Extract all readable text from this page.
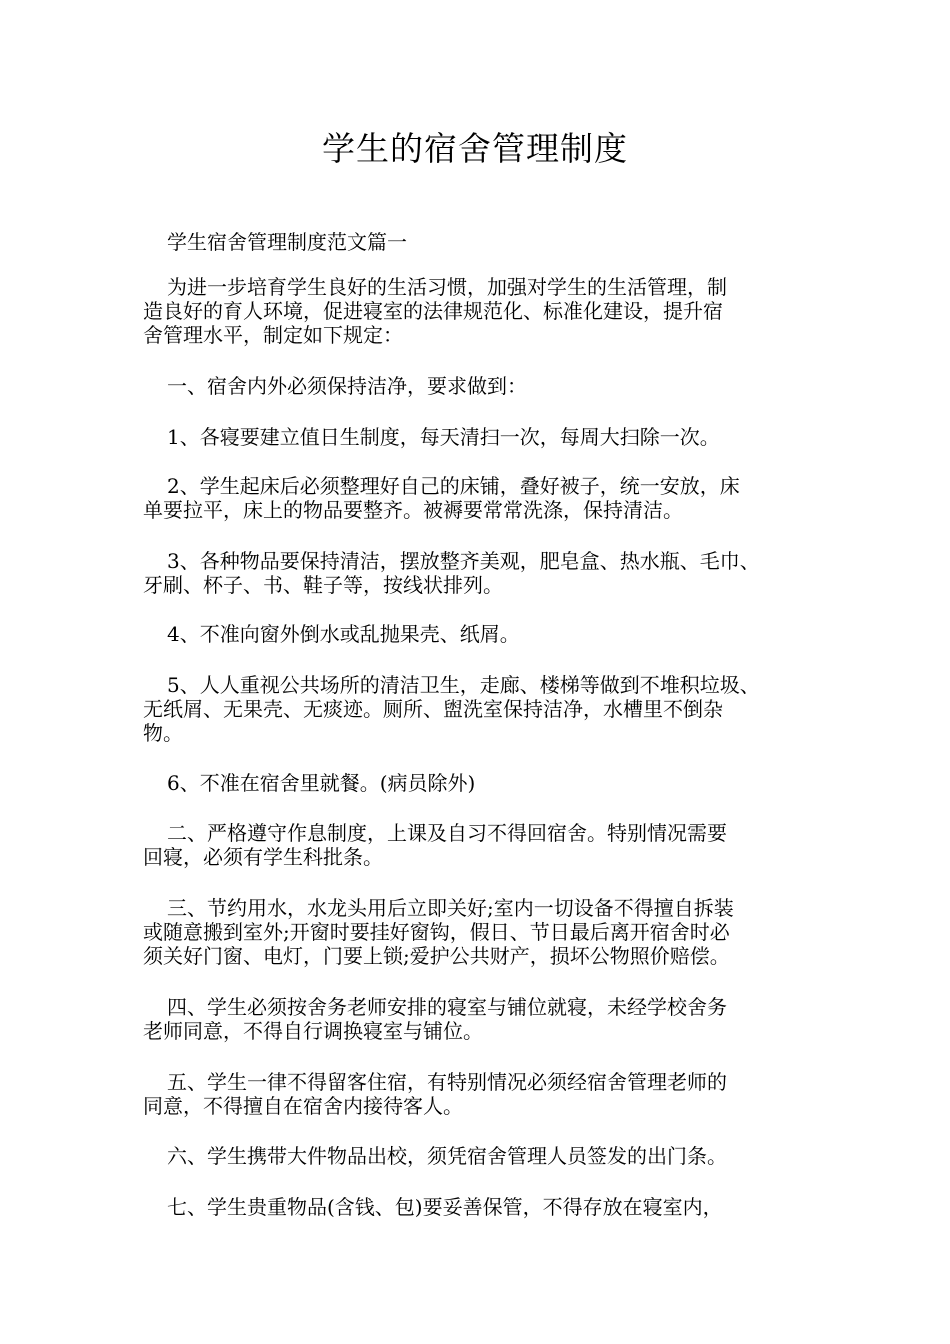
学生的宿舍管理制度
学生宿舍管理制度范文篇一
为进一步培育学生良好的生活习惯，加强对学生的生活管理，制
造良好的育人环境，促进寝室的法律规范化、标准化建设，提升宿
舍管理水平，制定如下规定：
一、宿舍内外必须保持洁净，要求做到：
1、各寝要建立值日生制度，每天清扫一次，每周大扫除一次。
2、学生起床后必须整理好自己的床铺，叠好被子，统一安放，床
单要拉平，床上的物品要整齐。被褥要常常洗涤，保持清洁。
3、各种物品要保持清洁，摆放整齐美观，肥皂盒、热水瓶、毛巾、
牙刷、杯子、书、鞋子等，按线状排列。
4、不准向窗外倒水或乱抛果壳、纸屑。
5、人人重视公共场所的清洁卫生，走廊、楼梯等做到不堆积垃圾、
无纸屑、无果壳、无痰迹。厕所、盥洗室保持洁净，水槽里不倒杂
物。
6、不准在宿舍里就餐。(病员除外)
二、严格遵守作息制度，上课及自习不得回宿舍。特别情况需要
回寝，必须有学生科批条。
三、节约用水，水龙头用后立即关好;室内一切设备不得擅自拆装
或随意搬到室外;开窗时要挂好窗钩，假日、节日最后离开宿舍时必
须关好门窗、电灯，门要上锁;爱护公共财产，损坏公物照价赔偿。
四、学生必须按舍务老师安排的寝室与铺位就寝，未经学校舍务
老师同意，不得自行调换寝室与铺位。
五、学生一律不得留客住宿，有特别情况必须经宿舍管理老师的
同意，不得擅自在宿舍内接待客人。
六、学生携带大件物品出校，须凭宿舍管理人员签发的出门条。
七、学生贵重物品(含钱、包)要妥善保管，不得存放在寝室内，
